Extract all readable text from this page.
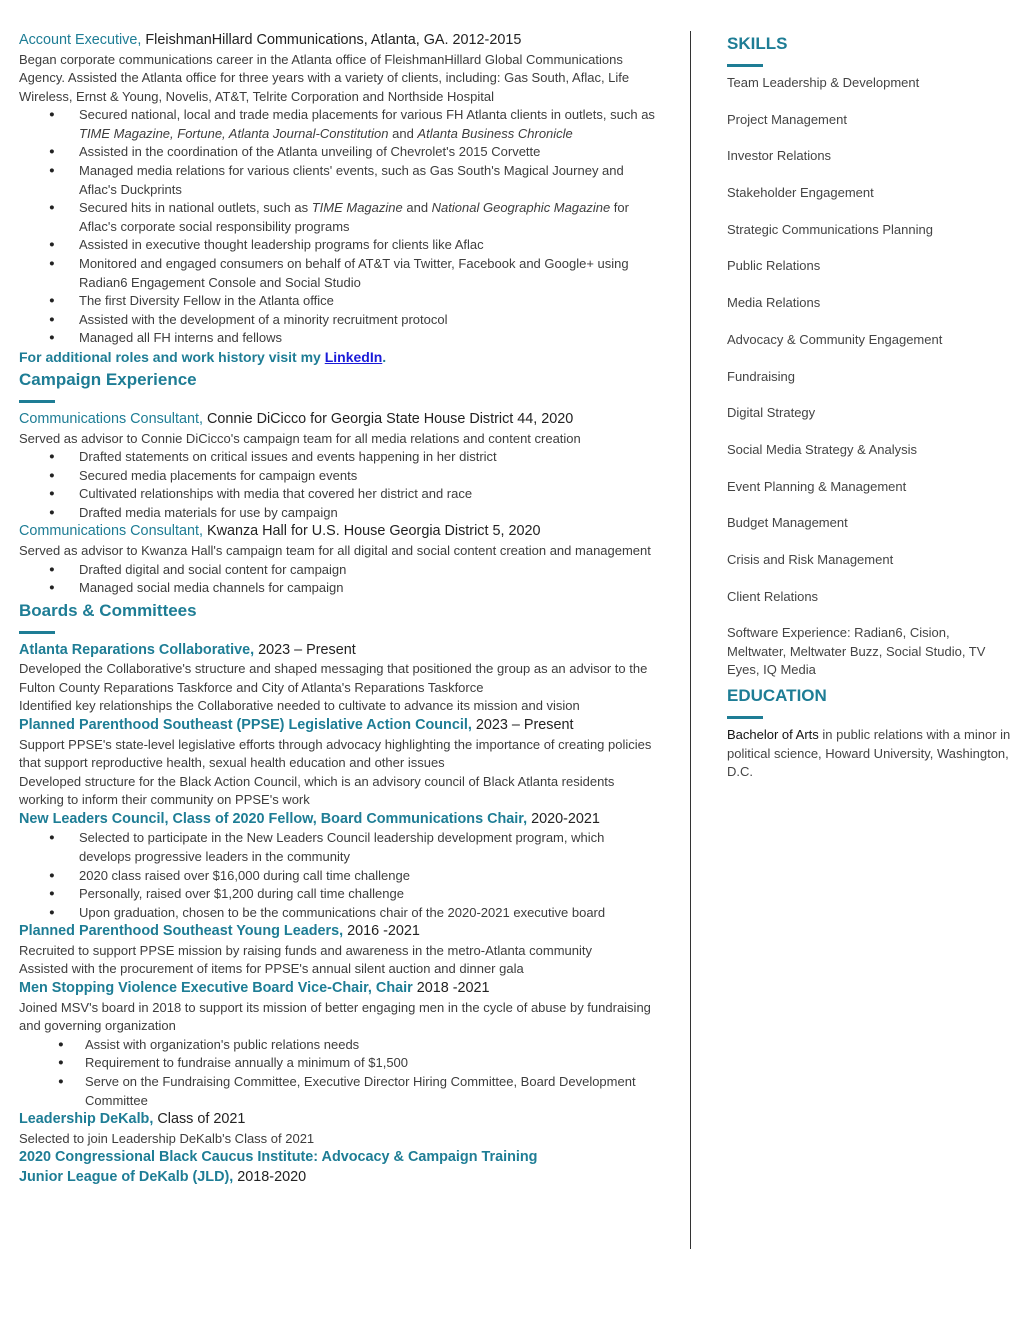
Account Executive, FleishmanHillard Communications, Atlanta, GA. 2012-2015

Began corporate communications career in the Atlanta office of FleishmanHillard Global Communications Agency. Assisted the Atlanta office for three years with a variety of clients, including: Gas South, Aflac, Life Wireless, Ernst & Young, Novelis, AT&T, Telrite Corporation and Northside Hospital

● Secured national, local and trade media placements for various FH Atlanta clients in outlets, such as TIME Magazine, Fortune, Atlanta Journal-Constitution and Atlanta Business Chronicle
● Assisted in the coordination of the Atlanta unveiling of Chevrolet's 2015 Corvette
● Managed media relations for various clients' events, such as Gas South's Magical Journey and Aflac's Duckprints
● Secured hits in national outlets, such as TIME Magazine and National Geographic Magazine for Aflac's corporate social responsibility programs
● Assisted in executive thought leadership programs for clients like Aflac
● Monitored and engaged consumers on behalf of AT&T via Twitter, Facebook and Google+ using Radian6 Engagement Console and Social Studio
● The first Diversity Fellow in the Atlanta office
● Assisted with the development of a minority recruitment protocol
● Managed all FH interns and fellows
For additional roles and work history visit my LinkedIn.
Campaign Experience
Communications Consultant, Connie DiCicco for Georgia State House District 44, 2020

Served as advisor to Connie DiCicco's campaign team for all media relations and content creation

● Drafted statements on critical issues and events happening in her district
● Secured media placements for campaign events
● Cultivated relationships with media that covered her district and race
● Drafted media materials for use by campaign
Communications Consultant, Kwanza Hall for U.S. House Georgia District 5, 2020

Served as advisor to Kwanza Hall's campaign team for all digital and social content creation and management

● Drafted digital and social content for campaign
● Managed social media channels for campaign
Boards & Committees
Atlanta Reparations Collaborative, 2023 – Present

Developed the Collaborative's structure and shaped messaging that positioned the group as an advisor to the Fulton County Reparations Taskforce and City of Atlanta's Reparations Taskforce

Identified key relationships the Collaborative needed to cultivate to advance its mission and vision

Planned Parenthood Southeast (PPSE) Legislative Action Council, 2023 – Present

Support PPSE's state-level legislative efforts through advocacy highlighting the importance of creating policies that support reproductive health, sexual health education and other issues

Developed structure for the Black Action Council, which is an advisory council of Black Atlanta residents working to inform their community on PPSE's work

New Leaders Council, Class of 2020 Fellow, Board Communications Chair, 2020-2021
● Selected to participate in the New Leaders Council leadership development program, which develops progressive leaders in the community
● 2020 class raised over $16,000 during call time challenge
● Personally, raised over $1,200 during call time challenge
● Upon graduation, chosen to be the communications chair of the 2020-2021 executive board
Planned Parenthood Southeast Young Leaders, 2016 -2021

Recruited to support PPSE mission by raising funds and awareness in the metro-Atlanta community

Assisted with the procurement of items for PPSE's annual silent auction and dinner gala

Men Stopping Violence Executive Board Vice-Chair, Chair 2018 -2021

Joined MSV's board in 2018 to support its mission of better engaging men in the cycle of abuse by fundraising and governing organization

● Assist with organization's public relations needs
● Requirement to fundraise annually a minimum of $1,500
● Serve on the Fundraising Committee, Executive Director Hiring Committee, Board Development Committee
Leadership DeKalb, Class of 2021

Selected to join Leadership DeKalb's Class of 2021

2020 Congressional Black Caucus Institute: Advocacy & Campaign Training
Junior League of DeKalb (JLD), 2018-2020
SKILLS
Team Leadership & Development
Project Management
Investor Relations
Stakeholder Engagement
Strategic Communications Planning
Public Relations
Media Relations
Advocacy & Community Engagement
Fundraising
Digital Strategy
Social Media Strategy & Analysis
Event Planning & Management
Budget Management
Crisis and Risk Management
Client Relations
Software Experience: Radian6, Cision, Meltwater, Meltwater Buzz, Social Studio, TV Eyes, IQ Media
EDUCATION
Bachelor of Arts in public relations with a minor in political science, Howard University, Washington, D.C.
